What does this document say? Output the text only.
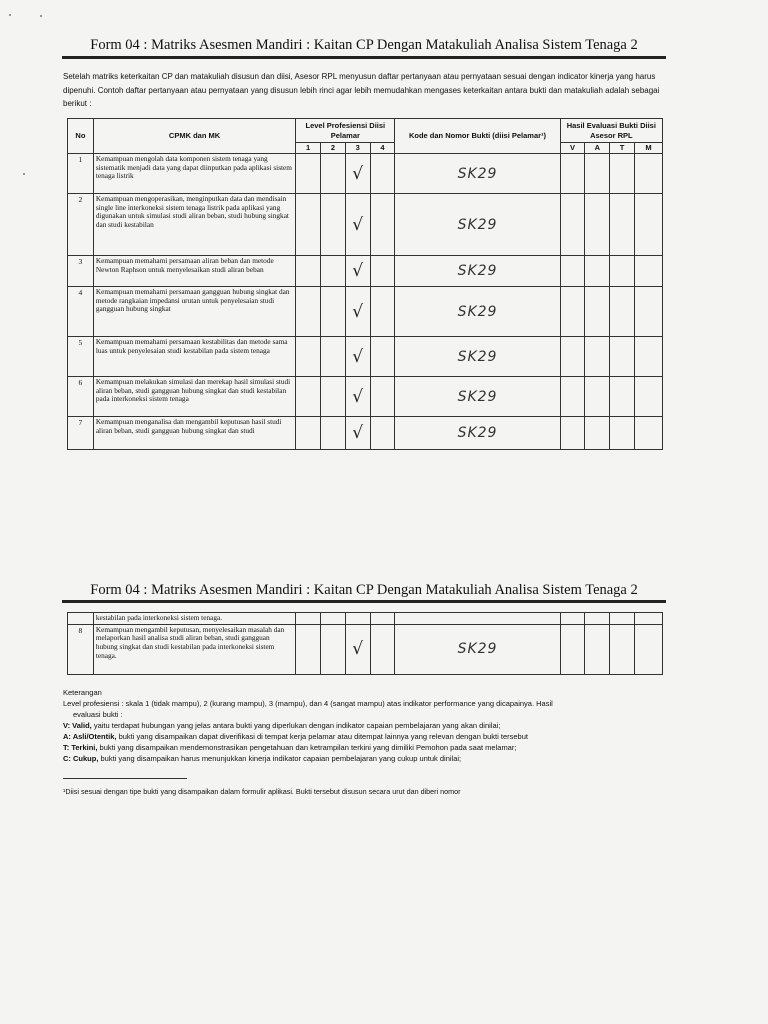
Form 04 : Matriks Asesmen Mandiri : Kaitan CP Dengan Matakuliah Analisa Sistem Tenaga 2
Setelah matriks keterkaitan CP dan matakuliah disusun dan diisi, Asesor RPL menyusun daftar pertanyaan atau pernyataan sesuai dengan indicator kinerja yang harus dipenuhi. Contoh daftar pertanyaan atau pernyataan yang disusun lebih rinci agar lebih memudahkan mengases keterkaitan antara bukti dan matakuliah adalah sebagai berikut :
No	CPMK dan MK	Level Profesiensi Diisi Pelamar				Kode dan Nomor Bukti (diisi Pelamar¹)	Hasil Evaluasi Bukti Diisi Asesor RPL			
		1	2	3	4		V	A	T	M
1	Kemampuan mengolah data komponen sistem tenaga yang sistematik menjadi data yang dapat diinputkan pada aplikasi sistem tenaga listrik			√		SK29				
2	Kemampuan mengoperasikan, menginputkan data dan mendisain single line interkoneksi sistem tenaga listrik pada aplikasi yang digunakan untuk simulasi studi aliran beban, studi hubung singkat dan studi kestabilan			√		SK29				
3	Kemampuan memahami persamaan aliran beban dan metode Newton Raphson untuk menyelesaikan studi aliran beban			√		SK29				
4	Kemampuan memahami persamaan gangguan hubung singkat dan metode rangkaian impedansi urutan untuk penyelesaian studi gangguan hubung singkat			√		SK29				
5	Kemampuan memahami persamaan kestabilitas dan metode sama luas untuk penyelesaian studi kestabilan pada sistem tenaga			√		SK29				
6	Kemampuan melakukan simulasi dan merekap hasil simulasi studi aliran beban, studi gangguan hubung singkat dan studi kestabilan pada interkoneksi sistem tenaga			√		SK29				
7	Kemampuan menganalisa dan mengambil keputusan hasil studi aliran beban, studi gangguan hubung singkat dan studi			√		SK29				
Form 04 : Matriks Asesmen Mandiri : Kaitan CP Dengan Matakuliah Analisa Sistem Tenaga 2
	kestabilan pada interkoneksi sistem tenaga.									
8	Kemampuan mengambil keputusan, menyelesaikan masalah dan melaporkan hasil analisa studi aliran beban, studi gangguan hubung singkat dan studi kestabilan pada interkoneksi sistem tenaga.			√		SK29				

Keterangan

Level profesiensi : skala 1 (tidak mampu), 2 (kurang mampu), 3 (mampu), dan 4 (sangat mampu) atas indikator performance yang dicapainya. Hasil

evaluasi bukti :

V: Valid, yaitu terdapat hubungan yang jelas antara bukti yang diperlukan dengan indikator capaian pembelajaran yang akan dinilai;

A: Asli/Otentik, bukti yang disampaikan dapat diverifikasi di tempat kerja pelamar atau ditempat lainnya yang relevan dengan bukti tersebut

T: Terkini, bukti yang disampaikan mendemonstrasikan pengetahuan dan ketrampilan terkini yang dimiliki Pemohon pada saat melamar;

C: Cukup, bukti yang disampaikan harus menunjukkan kinerja indikator capaian pembelajaran yang cukup untuk dinilai;

¹Diisi sesuai dengan tipe bukti yang disampaikan dalam formulir aplikasi. Bukti tersebut disusun secara urut dan diberi nomor
